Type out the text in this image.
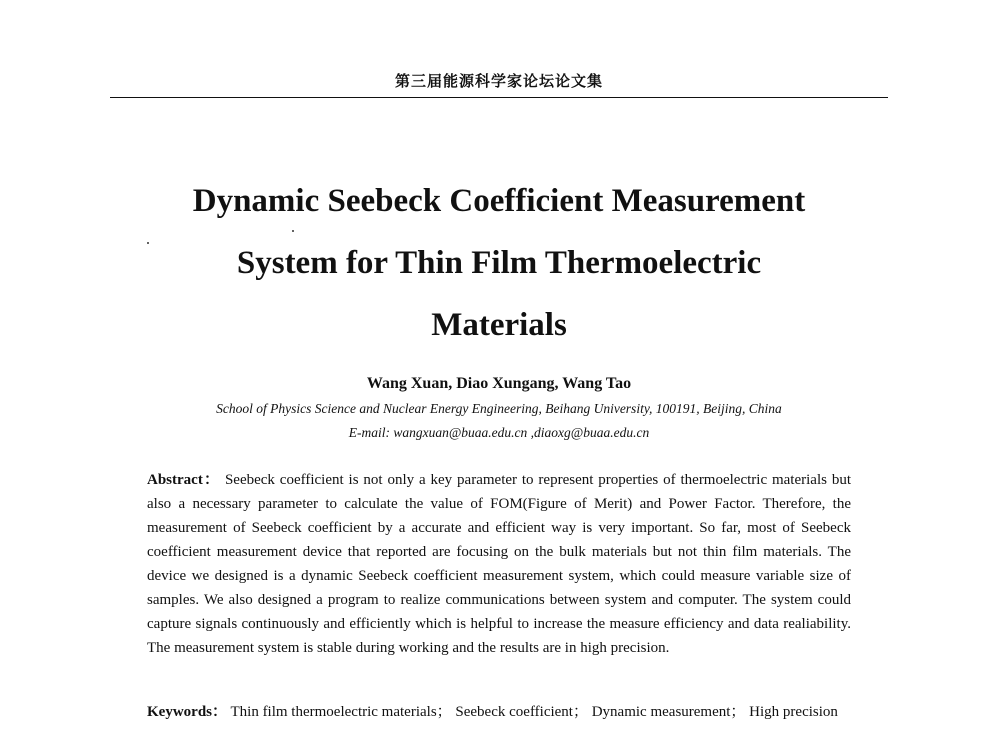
第三届能源科学家论坛论文集
Dynamic Seebeck Coefficient Measurement
System for Thin Film Thermoelectric
Materials
Wang Xuan, Diao Xungang, Wang Tao
School of Physics Science and Nuclear Energy Engineering, Beihang University, 100191, Beijing, China
E-mail: wangxuan@buaa.edu.cn ,diaoxg@buaa.edu.cn

Abstract： Seebeck coefficient is not only a key parameter to represent properties of thermoelectric materials but also a necessary parameter to calculate the value of FOM(Figure of Merit) and Power Factor. Therefore, the measurement of Seebeck coefficient by a accurate and efficient way is very important. So far, most of Seebeck coefficient measurement device that reported are focusing on the bulk materials but not thin film materials. The device we designed is a dynamic Seebeck coefficient measurement system, which could measure variable size of samples. We also designed a program to realize communications between system and computer. The system could capture signals continuously and efficiently which is helpful to increase the measure efficiency and data realiability. The measurement system is stable during working and the results are in high precision.

Keywords： Thin film thermoelectric materials； Seebeck coefficient； Dynamic measurement； High precision
